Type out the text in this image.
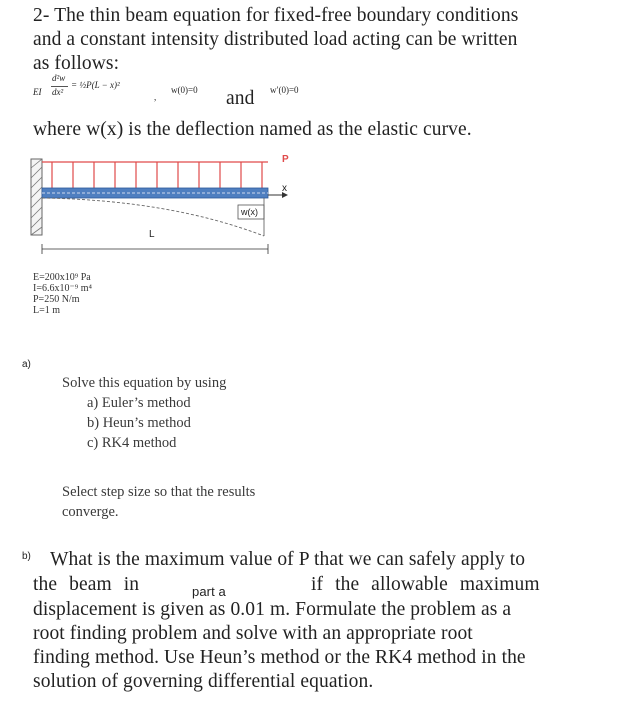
2- The thin beam equation for fixed-free boundary conditions
and a constant intensity distributed load acting can be written
as follows:
EI
d²w
dx²
= ½P(L − x)²
,
w(0)=0 and w′(0)=0
where w(x) is the deflection named as the elastic curve.
P
x
w(x)
L
E=200x10⁹ Pa
I=6.6x10⁻⁹ m⁴
P=250 N/m
L=1 m
a)
Solve this equation by using
a) Euler’s method
b) Heun’s method
c) RK4 method
Select step size so that the results
converge.
b) What is the maximum value of P that we can safely apply to
the beam in	part a	if the allowable maximum
displacement is given as 0.01 m. Formulate the problem as a
root finding problem and solve with an appropriate root
finding method. Use Heun’s method or the RK4 method in the
solution of governing differential equation.
